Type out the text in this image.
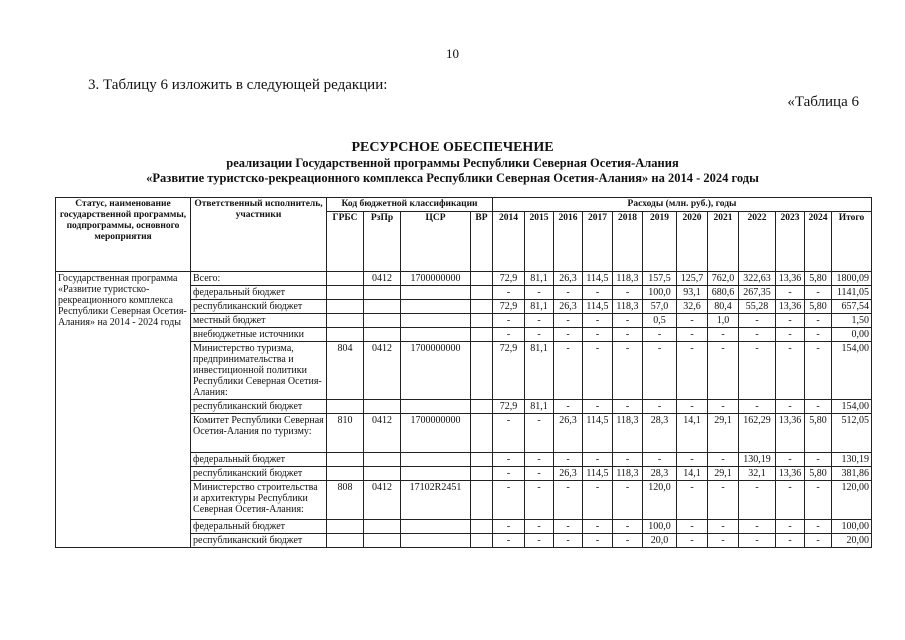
10
3. Таблицу 6 изложить в следующей редакции:
«Таблица 6
РЕСУРСНОЕ ОБЕСПЕЧЕНИЕ
реализации Государственной программы Республики Северная Осетия-Алания
«Развитие туристско-рекреационного комплекса Республики Северная Осетия-Алания» на 2014 - 2024 годы
Статус, наименование государственной программы, подпрограммы, основного мероприятия	Ответственный исполнитель, участники	Код бюджетной классификации				Расходы (млн. руб.), годы											
		ГРБС	РзПр	ЦСР	ВР	2014	2015	2016	2017	2018	2019	2020	2021	2022	2023	2024	Итого
Государственная программа «Развитие туристско-рекреационного комплекса Республики Северная Осетия-Алания» на 2014 - 2024 годы	Всего:		0412	1700000000		72,9	81,1	26,3	114,5	118,3	157,5	125,7	762,0	322,63	13,36	5,80	1800,09
	федеральный бюджет					-	-	-	-	-	100,0	93,1	680,6	267,35	-	-	1141,05
	республиканский бюджет					72,9	81,1	26,3	114,5	118,3	57,0	32,6	80,4	55,28	13,36	5,80	657,54
	местный бюджет					-	-	-	-	-	0,5	-	1,0	-	-	-	1,50
	внебюджетные источники					-	-	-	-	-	-	-	-	-	-	-	0,00
	Министерство туризма, предпринимательства и инвестиционной политики Республики Северная Осетия-Алания:	804	0412	1700000000		72,9	81,1	-	-	-	-	-	-	-	-	-	154,00
	республиканский бюджет					72,9	81,1	-	-	-	-	-	-	-	-	-	154,00
	Комитет Республики Северная Осетия-Алания по туризму:	810	0412	1700000000		-	-	26,3	114,5	118,3	28,3	14,1	29,1	162,29	13,36	5,80	512,05
	федеральный бюджет					-	-	-	-	-	-	-	-	130,19	-	-	130,19
	республиканский бюджет					-	-	26,3	114,5	118,3	28,3	14,1	29,1	32,1	13,36	5,80	381,86
	Министерство строительства и архитектуры Республики Северная Осетия-Алания:	808	0412	17102R2451		-	-	-	-	-	120,0	-	-	-	-	-	120,00
	федеральный бюджет					-	-	-	-	-	100,0	-	-	-	-	-	100,00
	республиканский бюджет					-	-	-	-	-	20,0	-	-	-	-	-	20,00
